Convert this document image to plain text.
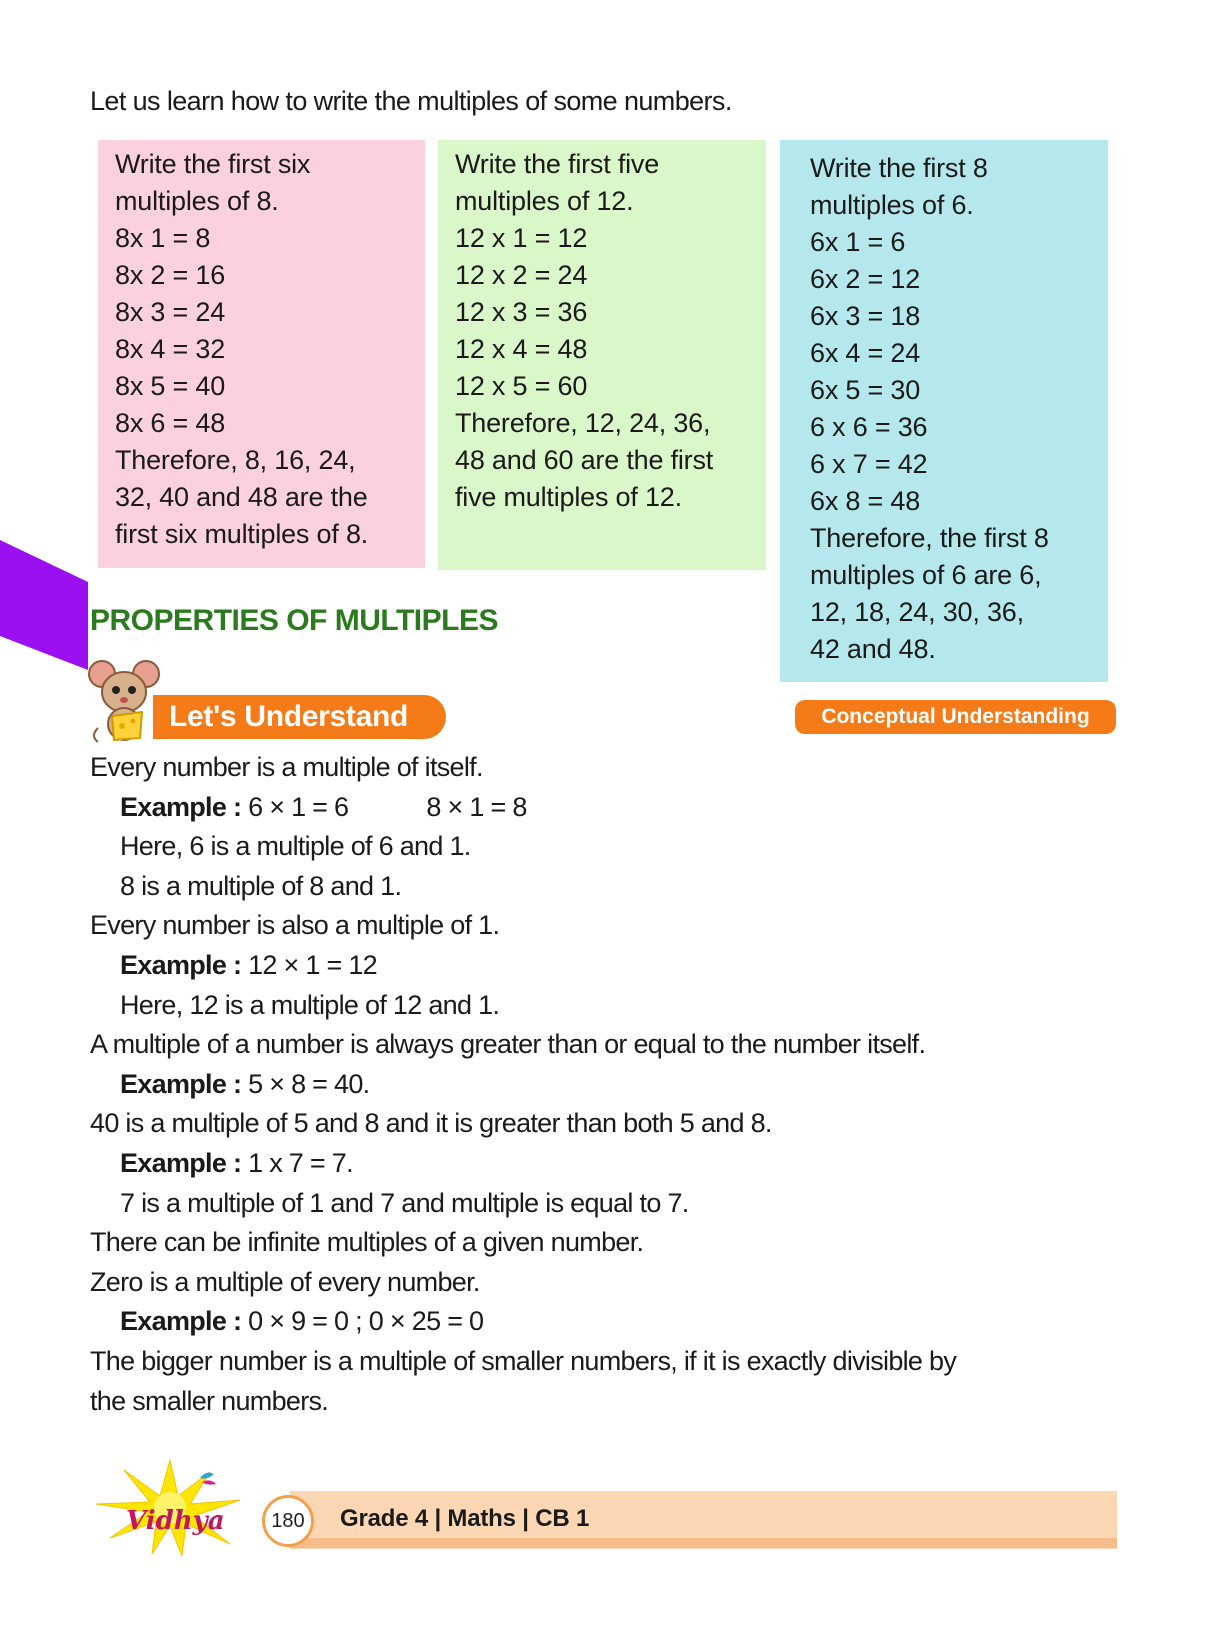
Let us learn how to write the multiples of some numbers.
Write the first six
multiples of 8.
8x 1 = 8
8x 2 = 16
8x 3 = 24
8x 4 = 32
8x 5 = 40
8x 6 = 48
Therefore, 8, 16, 24,
32, 40 and 48 are the
first six multiples of 8.
Write the first five
multiples of 12.
12 x 1 = 12
12 x 2 = 24
12 x 3 = 36
12 x 4 = 48
12 x 5 = 60
Therefore, 12, 24, 36,
48 and 60 are the first
five multiples of 12.
Write the first 8
multiples of 6.
6x 1 = 6
6x 2 = 12
6x 3 = 18
6x 4 = 24
6x 5 = 30
6 x 6 = 36
6 x 7 = 42
6x 8 = 48
Therefore, the first 8
multiples of 6 are 6,
12, 18, 24, 30, 36,
42 and 48.
PROPERTIES OF MULTIPLES
Let's Understand	Conceptual Understanding
Every number is a multiple of itself.
Example : 6 × 1 = 6	8 × 1 = 8
Here, 6 is a multiple of 6 and 1.
8 is a multiple of 8 and 1.
Every number is also a multiple of 1.
Example : 12 × 1 = 12
Here, 12 is a multiple of 12 and 1.
A multiple of a number is always greater than or equal to the number itself.
Example : 5 × 8 = 40.
40 is a multiple of 5 and 8 and it is greater than both 5 and 8.
Example : 1 x 7 = 7.
7 is a multiple of 1 and 7 and multiple is equal to 7.
There can be infinite multiples of a given number.
Zero is a multiple of every number.
Example : 0 × 9 = 0 ; 0 × 25 = 0
The bigger number is a multiple of smaller numbers, if it is exactly divisible by
the smaller numbers.
Vidhya	180	Grade 4 | Maths | CB 1
